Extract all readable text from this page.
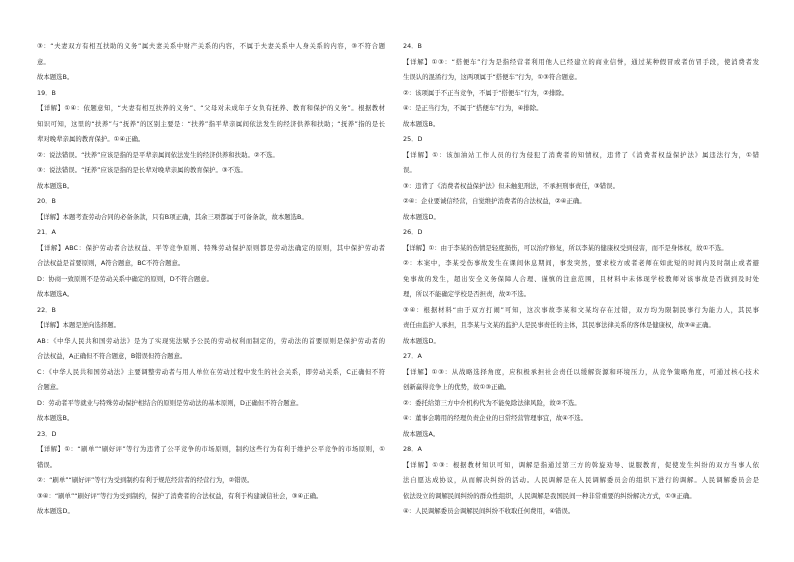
③：“夫妻双方有相互扶助的义务”属夫妻关系中财产关系的内容，不属于夫妻关系中人身关系的内容，③不符合题
意。
故本题选B。
19．B
【详解】①④：依题意知，“夫妻有相互扶养的义务”、“父母对未成年子女负有抚养、教育和保护的义务”。根据教材
知识可知，这里的“扶养”与“抚养”的区别主要是：“扶养”指平辈亲属间依法发生的经济供养和扶助；“抚养”指的是长
辈对晚辈亲属的教育保护。①④正确。
②：说法错误。“扶养”应该是指的是平辈亲属间依法发生的经济供养和扶助。②不选。
③：说法错误。“抚养”应该是指的是长辈对晚辈亲属的教育保护。③不选。
故本题选B。
20．B
【详解】本题考查劳动合同的必备条款，只有B项正确，其余三项都属于可备条款，故本题选B。
21．A
【详解】ABC：保护劳动者合法权益、平等竞争原则、特殊劳动保护原则都是劳动法确定的原则，其中保护劳动者
合法权益是首要原则，A符合题意，BC不符合题意。
D：协商一致原则不是劳动关系中确定的原则，D不符合题意。
故本题选A。
22．B
【详解】本题是逆向选择题。
AB：《中华人民共和国劳动法》是为了实现宪法赋予公民的劳动权利而制定的，劳动法的首要原则是保护劳动者的
合法权益，A正确但不符合题意，B错误但符合题意。
C：《中华人民共和国劳动法》主要调整劳动者与用人单位在劳动过程中发生的社会关系，即劳动关系，C正确但不符
合题意。
D：劳动者平等就业与特殊劳动保护相结合的原则是劳动法的基本原则，D正确但不符合题意。
故本题选B。
23．D
【详解】①：“刷单”“刷好评”等行为违背了公平竞争的市场原则，制约这些行为有利于维护公平竞争的市场原则，①
错误。
②：“刷单”“刷好评”等行为受到制约有利于规范经营者的经营行为，②错误。
③④：“刷单”“刷好评”等行为受到制约，保护了消费者的合法权益，有利于构建诚信社会，③④正确。
故本题选D。
24．B
【详解】①③：“搭便车”行为是指经营者利用他人已经建立的商业信誉，通过某种假冒或者仿冒手段，使消费者发
生误认的混淆行为，这两项属于“搭便车”行为，①③符合题意。
②：该项属于不正当竞争，不属于“搭便车”行为，②排除。
④：是正当行为，不属于“搭便车”行为，④排除。
故本题选B。
25．D
【详解】①：该加油站工作人员的行为侵犯了消费者的知情权，违背了《消费者权益保护法》属违法行为，①错
误。
③：违背了《消费者权益保护法》但未触犯刑法，不承担刑事责任，③错误。
②④：企业要诚信经营，自觉维护消费者的合法权益，②④正确。
故本题选D。
26．D
【详解】①：由于李某的伤情是轻度损伤，可以治疗修复，所以李某的健康权受到侵害，而不是身体权，故①不选。
②：本案中，李某受伤事故发生在课间休息期间，事发突然，要求校方或者老师在如此短的时间内及时制止或者避
免事故的发生，超出安全义务保障人合理、谨慎的注意范围，且材料中未体现学校教师对该事故是否做到及时处
理，所以不能确定学校是否担责，故②不选。
③④：根据材料“由于双方打闹”可知，这次事故李某和文某均存在过错，双方均为限制民事行为能力人，其民事
责任由监护人承担，且李某与文某的监护人是民事责任的主体，其民事法律关系的客体是健康权，故③④正确。
故本题选D。
27．A
【详解】①③：从战略选择角度，应积极承担社会责任以缓解资源和环境压力，从竞争策略角度，可通过核心技术
创新赢得竞争上的优势，故①③正确。
②：委托给第三方中介机构代为不能免除法律风险，故②不选。
④：董事会聘用的经理负责企业的日常经营管理事宜，故④不选。
故本题选A。
28．A
【详解】①③：根据教材知识可知，调解是指通过第三方的斡旋劝导、说服教育，促使发生纠纷的双方当事人依
法自愿达成协议，从而解决纠纷的活动。人民调解是在人民调解委员会的组织下进行的调解。人民调解委员会是
依法设立的调解民间纠纷的群众性组织，人民调解是我国民间一种非常重要的纠纷解决方式，①③正确。
④：人民调解委员会调解民间纠纷不收取任何费用，④错误。
